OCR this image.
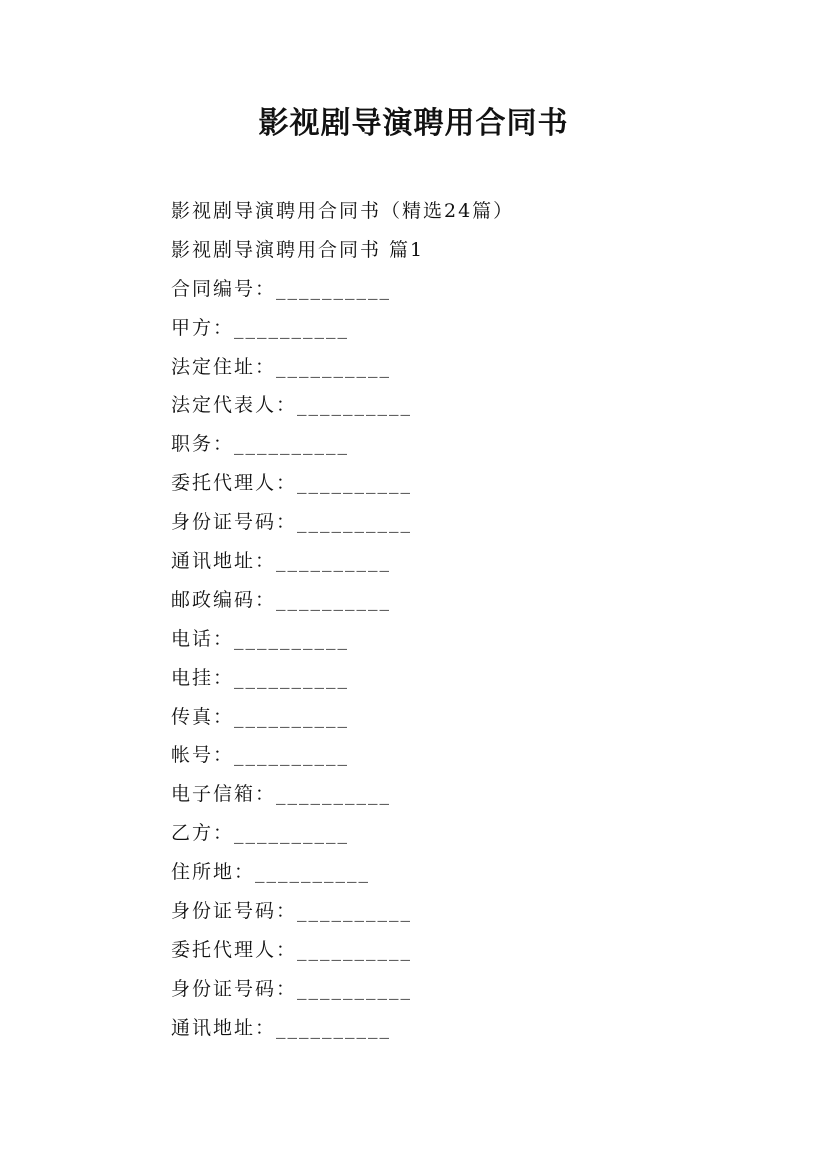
影视剧导演聘用合同书
影视剧导演聘用合同书（精选24篇）
影视剧导演聘用合同书 篇1
合同编号：__________
甲方：__________
法定住址：__________
法定代表人：__________
职务：__________
委托代理人：__________
身份证号码：__________
通讯地址：__________
邮政编码：__________
电话：__________
电挂：__________
传真：__________
帐号：__________
电子信箱：__________
乙方：__________
住所地：__________
身份证号码：__________
委托代理人：__________
身份证号码：__________
通讯地址：__________
